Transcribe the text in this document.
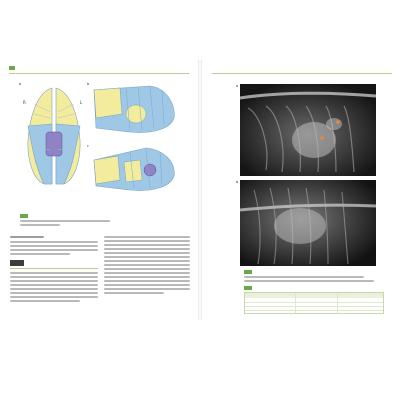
R	L
a	b
c
a
b
